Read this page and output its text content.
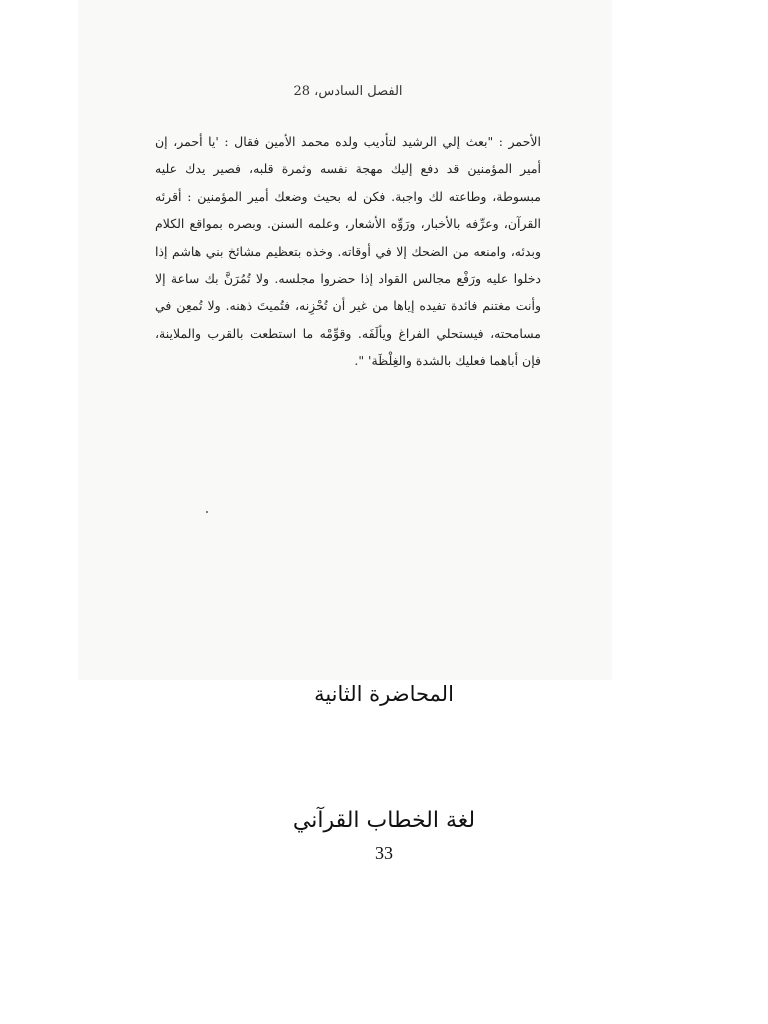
الفصل السادس، 28

الأحمر : "بعث إلي الرشيد لتأديب ولده محمد الأمين فقال : 'يا أحمر، إن أمير المؤمنين قد دفع إليك مهجة نفسه وثمرة قلبه، فصير يدك عليه مبسوطة، وطاعته لك واجبة. فكن له بحيث وضعك أمير المؤمنين : أقرئه القرآن، وعرِّفه بالأخبار، ورَوِّه الأشعار، وعلمه السنن. وبصره بمواقع الكلام وبدئه، وامنعه من الضحك إلا في أوقاته. وخذه بتعظيم مشائخ بني هاشم إذا دخلوا عليه ورَفْع مجالس القواد إذا حضروا مجلسه. ولا تُمُرَنَّ بك ساعة إلا وأنت مغتنم فائدة تفيده إياها من غير أن تُحْزِنه، فتُميتَ ذهنه. ولا تُمعِن في مسامحته، فيستحلي الفراغ ويألَفَه. وقوِّمْه ما استطعت بالقرب والملاينة، فإن أباهما فعليك بالشدة والغِلْظَة' ".

المحاضرة الثانية
لغة الخطاب القرآني
33
